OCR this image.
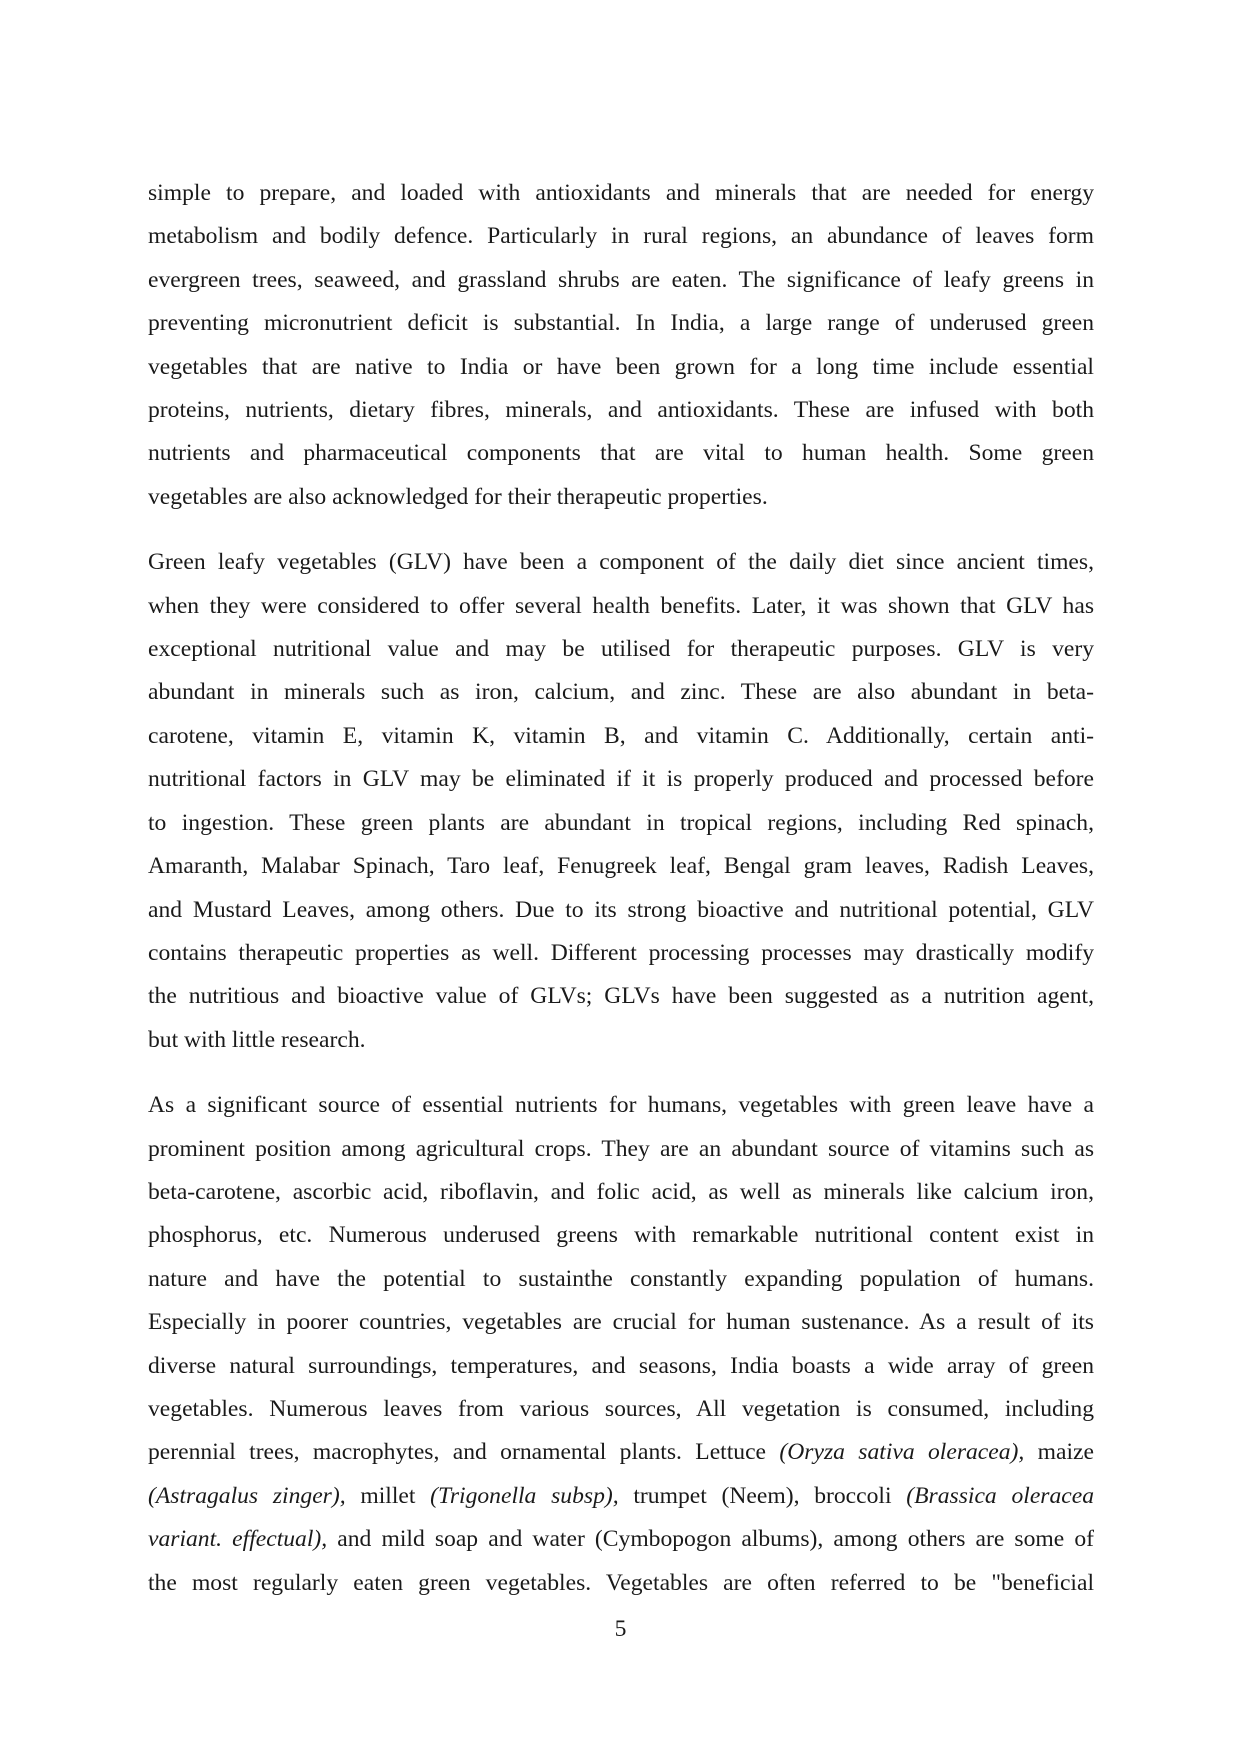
simple to prepare, and loaded with antioxidants and minerals that are needed for energy
metabolism and bodily defence. Particularly in rural regions, an abundance of leaves form
evergreen trees, seaweed, and grassland shrubs are eaten. The significance of leafy greens in
preventing micronutrient deficit is substantial. In India, a large range of underused green
vegetables that are native to India or have been grown for a long time include essential
proteins, nutrients, dietary fibres, minerals, and antioxidants. These are infused with both
nutrients and pharmaceutical components that are vital to human health. Some green
vegetables are also acknowledged for their therapeutic properties.
Green leafy vegetables (GLV) have been a component of the daily diet since ancient times,
when they were considered to offer several health benefits. Later, it was shown that GLV has
exceptional nutritional value and may be utilised for therapeutic purposes. GLV is very
abundant in minerals such as iron, calcium, and zinc. These are also abundant in beta-
carotene, vitamin E, vitamin K, vitamin B, and vitamin C. Additionally, certain anti-
nutritional factors in GLV may be eliminated if it is properly produced and processed before
to ingestion. These green plants are abundant in tropical regions, including Red spinach,
Amaranth, Malabar Spinach, Taro leaf, Fenugreek leaf, Bengal gram leaves, Radish Leaves,
and Mustard Leaves, among others. Due to its strong bioactive and nutritional potential, GLV
contains therapeutic properties as well. Different processing processes may drastically modify
the nutritious and bioactive value of GLVs; GLVs have been suggested as a nutrition agent,
but with little research.
As a significant source of essential nutrients for humans, vegetables with green leave have a
prominent position among agricultural crops. They are an abundant source of vitamins such as
beta-carotene, ascorbic acid, riboflavin, and folic acid, as well as minerals like calcium iron,
phosphorus, etc. Numerous underused greens with remarkable nutritional content exist in
nature and have the potential to sustainthe constantly expanding population of humans.
Especially in poorer countries, vegetables are crucial for human sustenance. As a result of its
diverse natural surroundings, temperatures, and seasons, India boasts a wide array of green
vegetables. Numerous leaves from various sources, All vegetation is consumed, including
perennial trees, macrophytes, and ornamental plants. Lettuce (Oryza sativa oleracea), maize
(Astragalus zinger), millet (Trigonella subsp), trumpet (Neem), broccoli (Brassica oleracea
variant. effectual), and mild soap and water (Cymbopogon albums), among others are some of
the most regularly eaten green vegetables. Vegetables are often referred to be "beneficial
5
